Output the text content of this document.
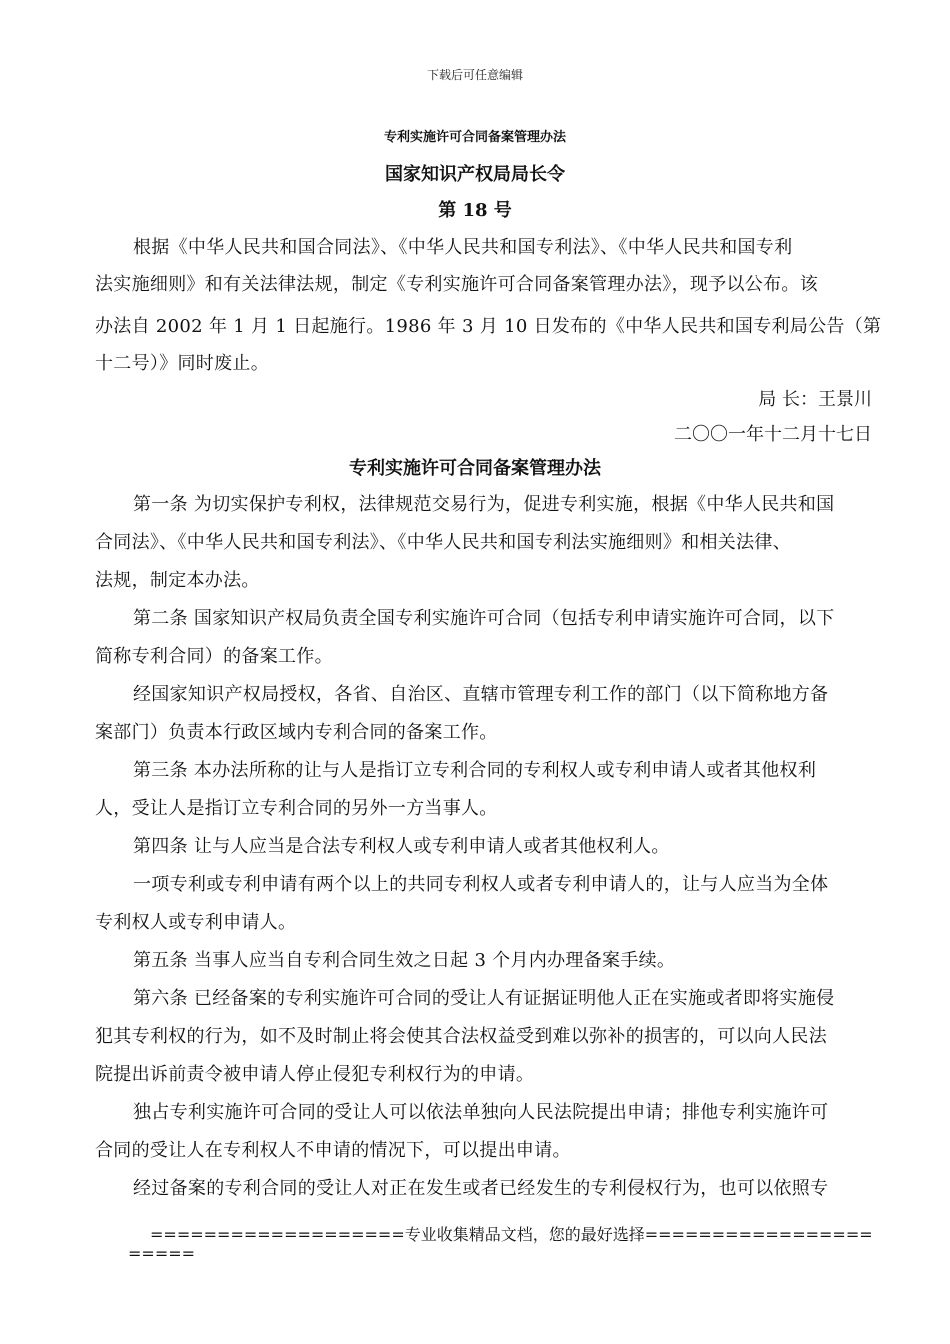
下载后可任意编辑
专利实施许可合同备案管理办法
国家知识产权局局长令
第 18 号
根据《中华人民共和国合同法》、《中华人民共和国专利法》、《中华人民共和国专利
法实施细则》和有关法律法规，制定《专利实施许可合同备案管理办法》，现予以公布。该
办法自 2002 年 1 月 1 日起施行。1986 年 3 月 10 日发布的《中华人民共和国专利局公告（第
十二号）》同时废止。
局 长：王景川
二〇〇一年十二月十七日
专利实施许可合同备案管理办法
第一条 为切实保护专利权，法律规范交易行为，促进专利实施，根据《中华人民共和国
合同法》、《中华人民共和国专利法》、《中华人民共和国专利法实施细则》和相关法律、
法规，制定本办法。
第二条 国家知识产权局负责全国专利实施许可合同（包括专利申请实施许可合同，以下
简称专利合同）的备案工作。
经国家知识产权局授权，各省、自治区、直辖市管理专利工作的部门（以下简称地方备
案部门）负责本行政区域内专利合同的备案工作。
第三条 本办法所称的让与人是指订立专利合同的专利权人或专利申请人或者其他权利
人，受让人是指订立专利合同的另外一方当事人。
第四条 让与人应当是合法专利权人或专利申请人或者其他权利人。
一项专利或专利申请有两个以上的共同专利权人或者专利申请人的，让与人应当为全体
专利权人或专利申请人。
第五条 当事人应当自专利合同生效之日起 3 个月内办理备案手续。
第六条 已经备案的专利实施许可合同的受让人有证据证明他人正在实施或者即将实施侵
犯其专利权的行为，如不及时制止将会使其合法权益受到难以弥补的损害的，可以向人民法
院提出诉前责令被申请人停止侵犯专利权行为的申请。
独占专利实施许可合同的受让人可以依法单独向人民法院提出申请；排他专利实施许可
合同的受让人在专利权人不申请的情况下，可以提出申请。
经过备案的专利合同的受让人对正在发生或者已经发生的专利侵权行为，也可以依照专
===================专业收集精品文档，您的最好选择=================
=====
